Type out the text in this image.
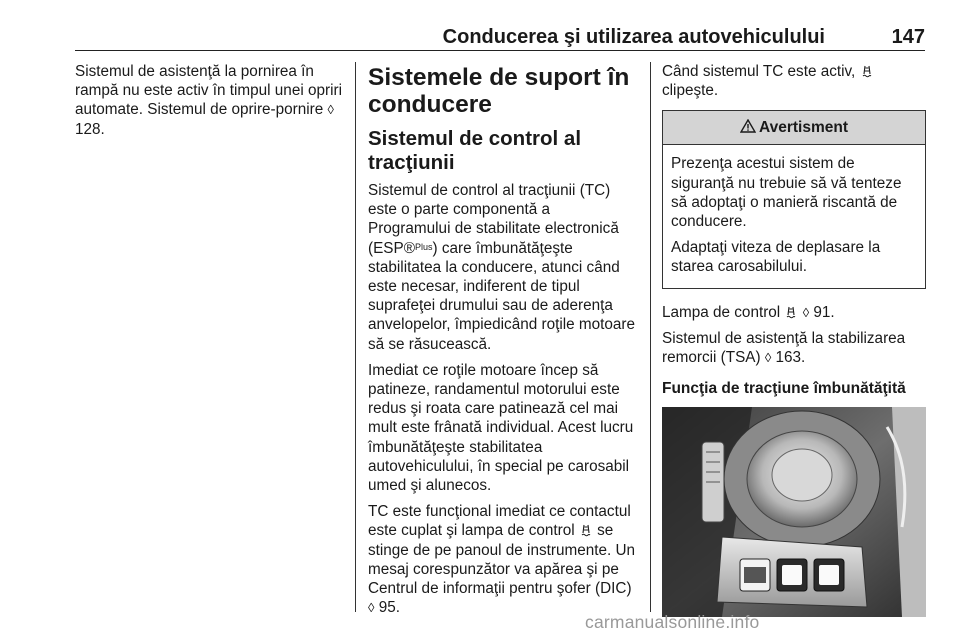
Conducerea şi utilizarea autovehiculului	147

Sistemul de asistenţă la pornirea în rampă nu este activ în timpul unei opriri automate. Sistemul de oprire-pornire ◊ 128.

Sistemele de suport în conducere
Sistemul de control al tracţiunii

Sistemul de control al tracţiunii (TC) este o parte componentă a Programului de stabilitate electronică (ESP®$^{Plus}$) care îmbunătăţeşte stabilitatea la conducere, atunci când este necesar, indiferent de tipul suprafeţei drumului sau de aderenţa anvelopelor, împiedicând roţile motoare să se răsucească.

Imediat ce roţile motoare încep să patineze, randamentul motorului este redus şi roata care patinează cel mai mult este frânată individual. Acest lucru îmbunătăţeşte stabilitatea autovehiculului, în special pe carosabil umed şi alunecos.

TC este funcţional imediat ce contactul este cuplat şi lampa de control se stinge de pe panoul de instrumente. Un mesaj corespunzător va apărea şi pe Centrul de informaţii pentru şofer (DIC) ◊ 95.

Când sistemul TC este activ,  clipeşte.

Avertisment

Prezenţa acestui sistem de siguranţă nu trebuie să vă tenteze să adoptaţi o manieră riscantă de conducere.

Adaptaţi viteza de deplasare la starea carosabilului.

Lampa de control ◊ 91.

Sistemul de asistenţă la stabilizarea remorcii (TSA) ◊ 163.

Funcţia de tracţiune îmbunătăţită
carmanualsonline.info
